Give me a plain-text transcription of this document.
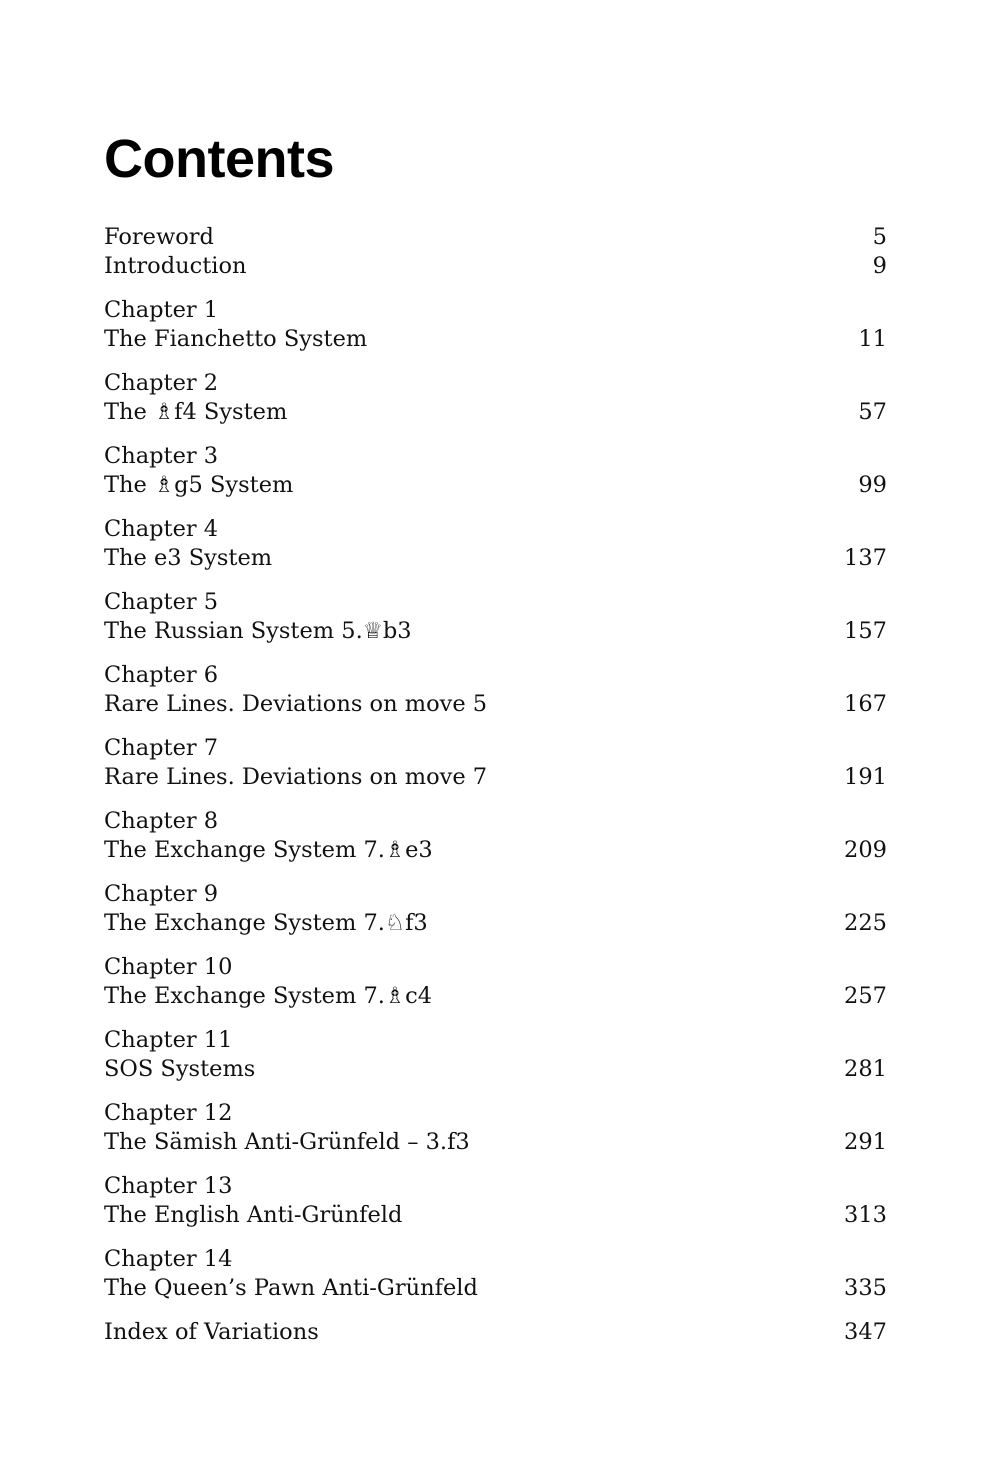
Contents
Foreword	5
Introduction	9
Chapter 1
The Fianchetto System	11
Chapter 2
The ♗f4 System	57
Chapter 3
The ♗g5 System	99
Chapter 4
The e3 System	137
Chapter 5
The Russian System 5.♕b3	157
Chapter 6
Rare Lines. Deviations on move 5	167
Chapter 7
Rare Lines. Deviations on move 7	191
Chapter 8
The Exchange System 7.♗e3	209
Chapter 9
The Exchange System 7.♘f3	225
Chapter 10
The Exchange System 7.♗c4	257
Chapter 11
SOS Systems	281
Chapter 12
The Sämish Anti-Grünfeld – 3.f3	291
Chapter 13
The English Anti-Grünfeld	313
Chapter 14
The Queen’s Pawn Anti-Grünfeld	335
Index of Variations	347
